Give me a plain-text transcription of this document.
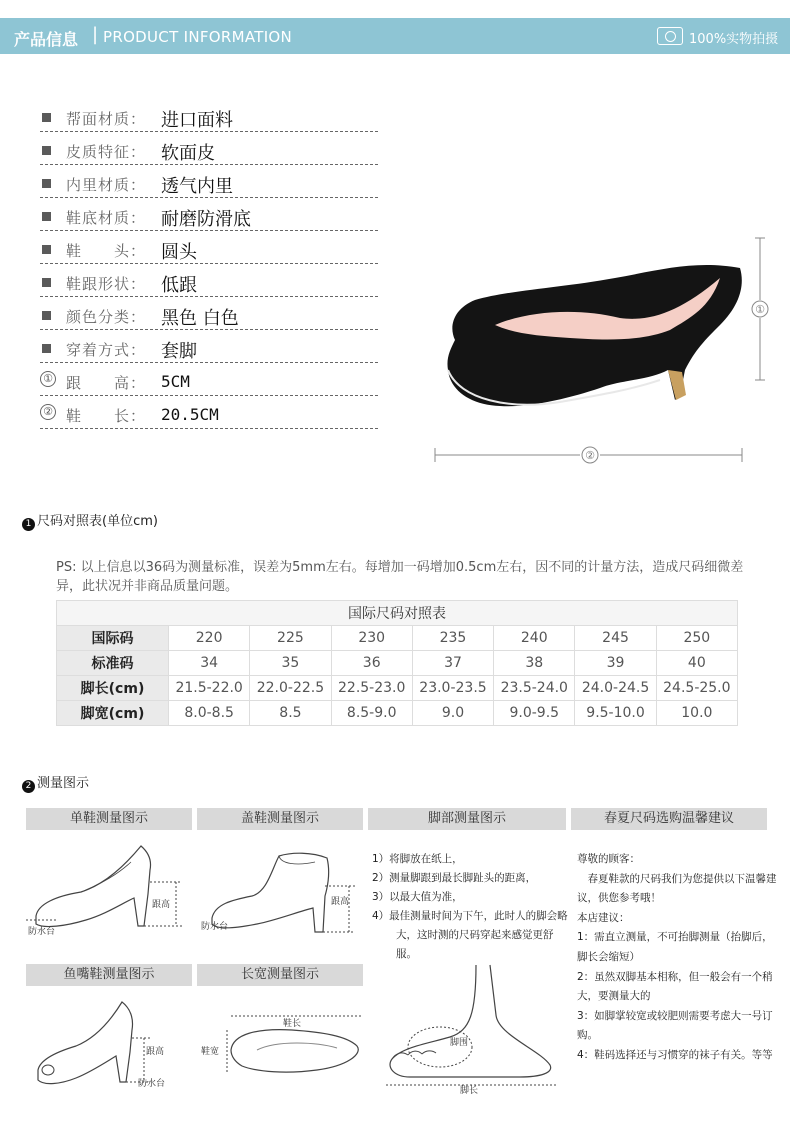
产品信息 | PRODUCT INFORMATION	100%实物拍摄
帮面材质： 进口面料
皮质特征： 软面皮
内里材质： 透气内里
鞋底材质： 耐磨防滑底
鞋　　头： 圆头
鞋跟形状： 低跟
颜色分类： 黑色 白色
穿着方式： 套脚
① 跟　　高： 5CM
② 鞋　　长： 20.5CM
①
②
1 尺码对照表(单位cm)
PS: 以上信息以36码为测量标准，误差为5mm左右。每增加一码增加0.5cm左右，因不同的计量方法，造成尺码细微差异，此状况并非商品质量问题。
国际尺码对照表							
国际码	220	225	230	235	240	245	250
标准码	34	35	36	37	38	39	40
脚长(cm)	21.5-22.0	22.0-22.5	22.5-23.0	23.0-23.5	23.5-24.0	24.0-24.5	24.5-25.0
脚宽(cm)	8.0-8.5	8.5	8.5-9.0	9.0	9.0-9.5	9.5-10.0	10.0
2 测量图示
单鞋测量图示	盖鞋测量图示	脚部测量图示	春夏尺码选购温馨建议
鱼嘴鞋测量图示	长宽测量图示
跟高
防水台
跟高
防水台
跟高
防水台
鞋长
鞋宽

1）将脚放在纸上，

2）测量脚跟到最长脚趾头的距离，

3）以最大值为准，

4）最佳测量时间为下午，此时人的脚会略大，这时测的尺码穿起来感觉更舒服。

脚围
脚长

尊敬的顾客：

　春夏鞋款的尺码我们为您提供以下温馨建议，供您参考哦！

本店建议：

1：需直立测量，不可抬脚测量（抬脚后，脚长会缩短）

2：虽然双脚基本相称，但一般会有一个稍大，要测量大的

3：如脚掌较宽或较肥则需要考虑大一号订购。

4：鞋码选择还与习惯穿的袜子有关。等等
